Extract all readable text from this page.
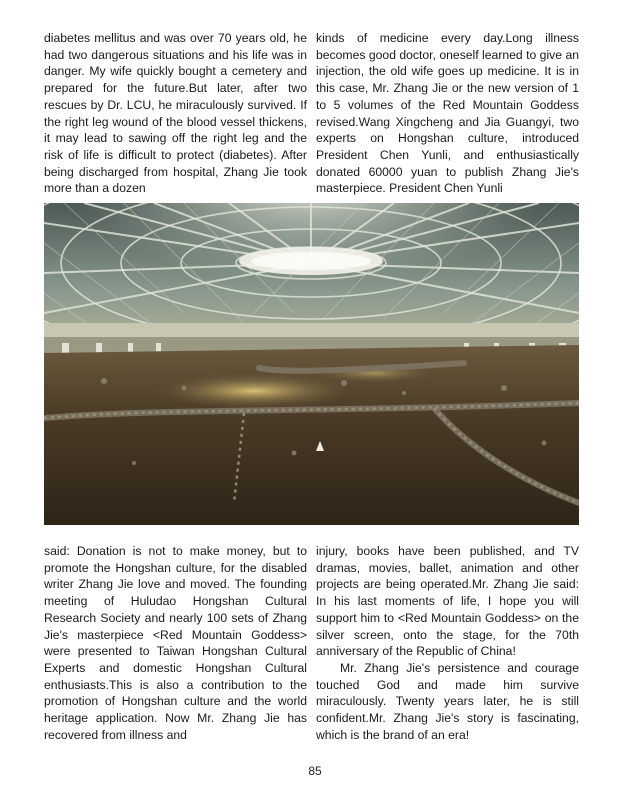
diabetes mellitus and was over 70 years old, he had two dangerous situations and his life was in danger. My wife quickly bought a cemetery and prepared for the future.But later, after two rescues by Dr. LCU, he miraculously survived. If the right leg wound of the blood vessel thickens, it may lead to sawing off the right leg and the risk of life is difficult to protect (diabetes). After being discharged from hospital, Zhang Jie took more than a dozen

kinds of medicine every day.Long illness becomes good doctor, oneself learned to give an injection, the old wife goes up medicine. It is in this case, Mr. Zhang Jie or the new version of 1 to 5 volumes of the Red Mountain Goddess revised.Wang Xingcheng and Jia Guangyi, two experts on Hongshan culture, introduced President Chen Yunli, and enthusiastically donated 60000 yuan to publish Zhang Jie's masterpiece. President Chen Yunli

said: Donation is not to make money, but to promote the Hongshan culture, for the disabled writer Zhang Jie love and moved. The founding meeting of Huludao Hongshan Cultural Research Society and nearly 100 sets of Zhang Jie's masterpiece <Red Mountain Goddess> were presented to Taiwan Hongshan Cultural Experts and domestic Hongshan Cultural enthusiasts.This is also a contribution to the promotion of Hongshan culture and the world heritage application. Now Mr. Zhang Jie has recovered from illness and

injury, books have been published, and TV dramas, movies, ballet, animation and other projects are being operated.Mr. Zhang Jie said: In his last moments of life, I hope you will support him to <Red Mountain Goddess> on the silver screen, onto the stage, for the 70th anniversary of the Republic of China!

Mr. Zhang Jie's persistence and courage touched God and made him survive miraculously. Twenty years later, he is still confident.Mr. Zhang Jie's story is fascinating, which is the brand of an era!

85
